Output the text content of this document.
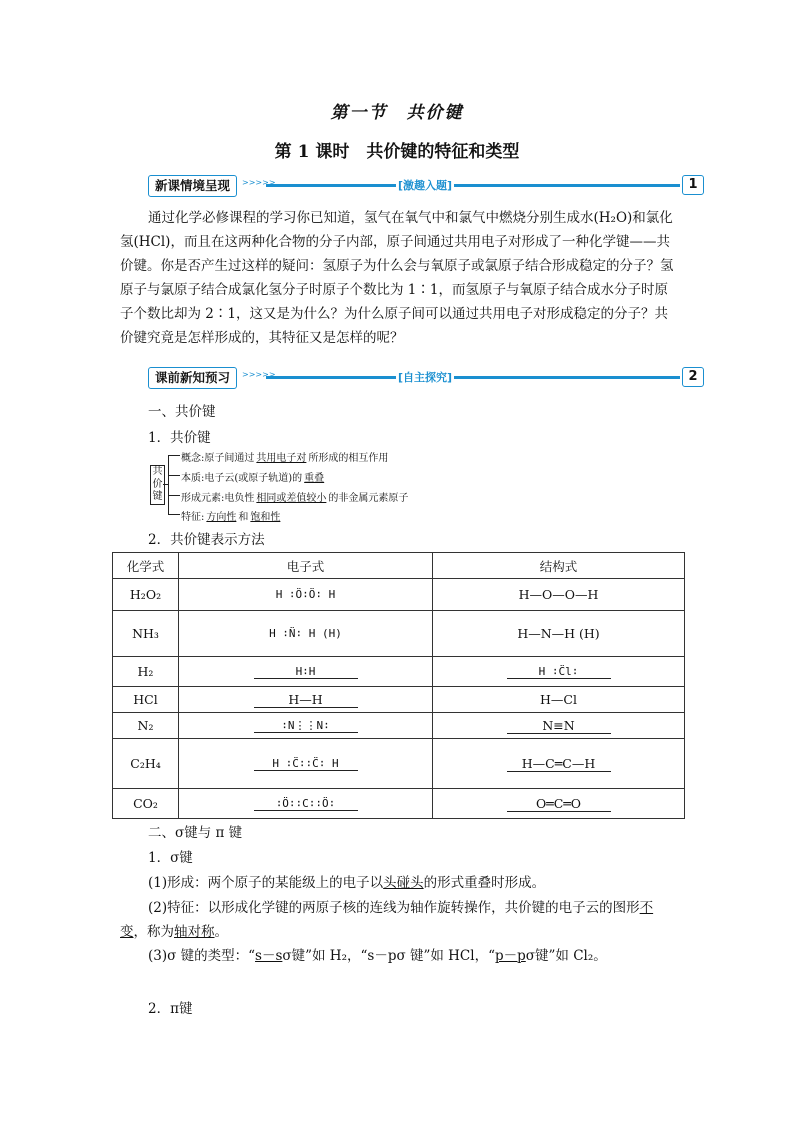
第一节　共价键
第 1 课时　共价键的特征和类型
新课情境呈现	>>>>>	[激趣入题]	1
通过化学必修课程的学习你已知道，氢气在氧气中和氯气中燃烧分别生成水(H₂O)和氯化氢(HCl)，而且在这两种化合物的分子内部，原子间通过共用电子对形成了一种化学键——共价键。你是否产生过这样的疑问：氢原子为什么会与氧原子或氯原子结合形成稳定的分子？氢原子与氯原子结合成氯化氢分子时原子个数比为 1∶1，而氢原子与氧原子结合成水分子时原子个数比却为 2∶1，这又是为什么？为什么原子间可以通过共用电子对形成稳定的分子？共价键究竟是怎样形成的，其特征又是怎样的呢？
课前新知预习	>>>>>	[自主探究]	2
一、共价键
1．共价键
共价键
概念:原子间通过 共用电子对 所形成的相互作用
本质:电子云(或原子轨道)的 重叠
形成元素:电负性 相同或差值较小 的非金属元素原子
特征: 方向性 和 饱和性
2．共价键表示方法
化学式	电子式	结构式
H₂O₂	H ∶Ö∶Ö∶ H	H—O—O—H
NH₃	H ∶N̈∶ H (H)	H—N—H (H)
H₂	H∶H	H ∶C̈l∶
HCl	H—H	H—Cl
N₂	∶N⋮⋮N∶	N≡N
C₂H₄	H ∶C̈∶∶C̈∶ H	H—C═C—H
CO₂	∶Ö∶∶C∶∶Ö∶	O═C═O
二、σ键与 π 键
1．σ键
(1)形成：两个原子的某能级上的电子以头碰头的形式重叠时形成。
(2)特征：以形成化学键的两原子核的连线为轴作旋转操作，共价键的电子云的图形不变，称为轴对称。
(3)σ 键的类型：“s－sσ键”如 H₂，“s－pσ 键”如 HCl，“p－pσ键”如 Cl₂。
2．π键
